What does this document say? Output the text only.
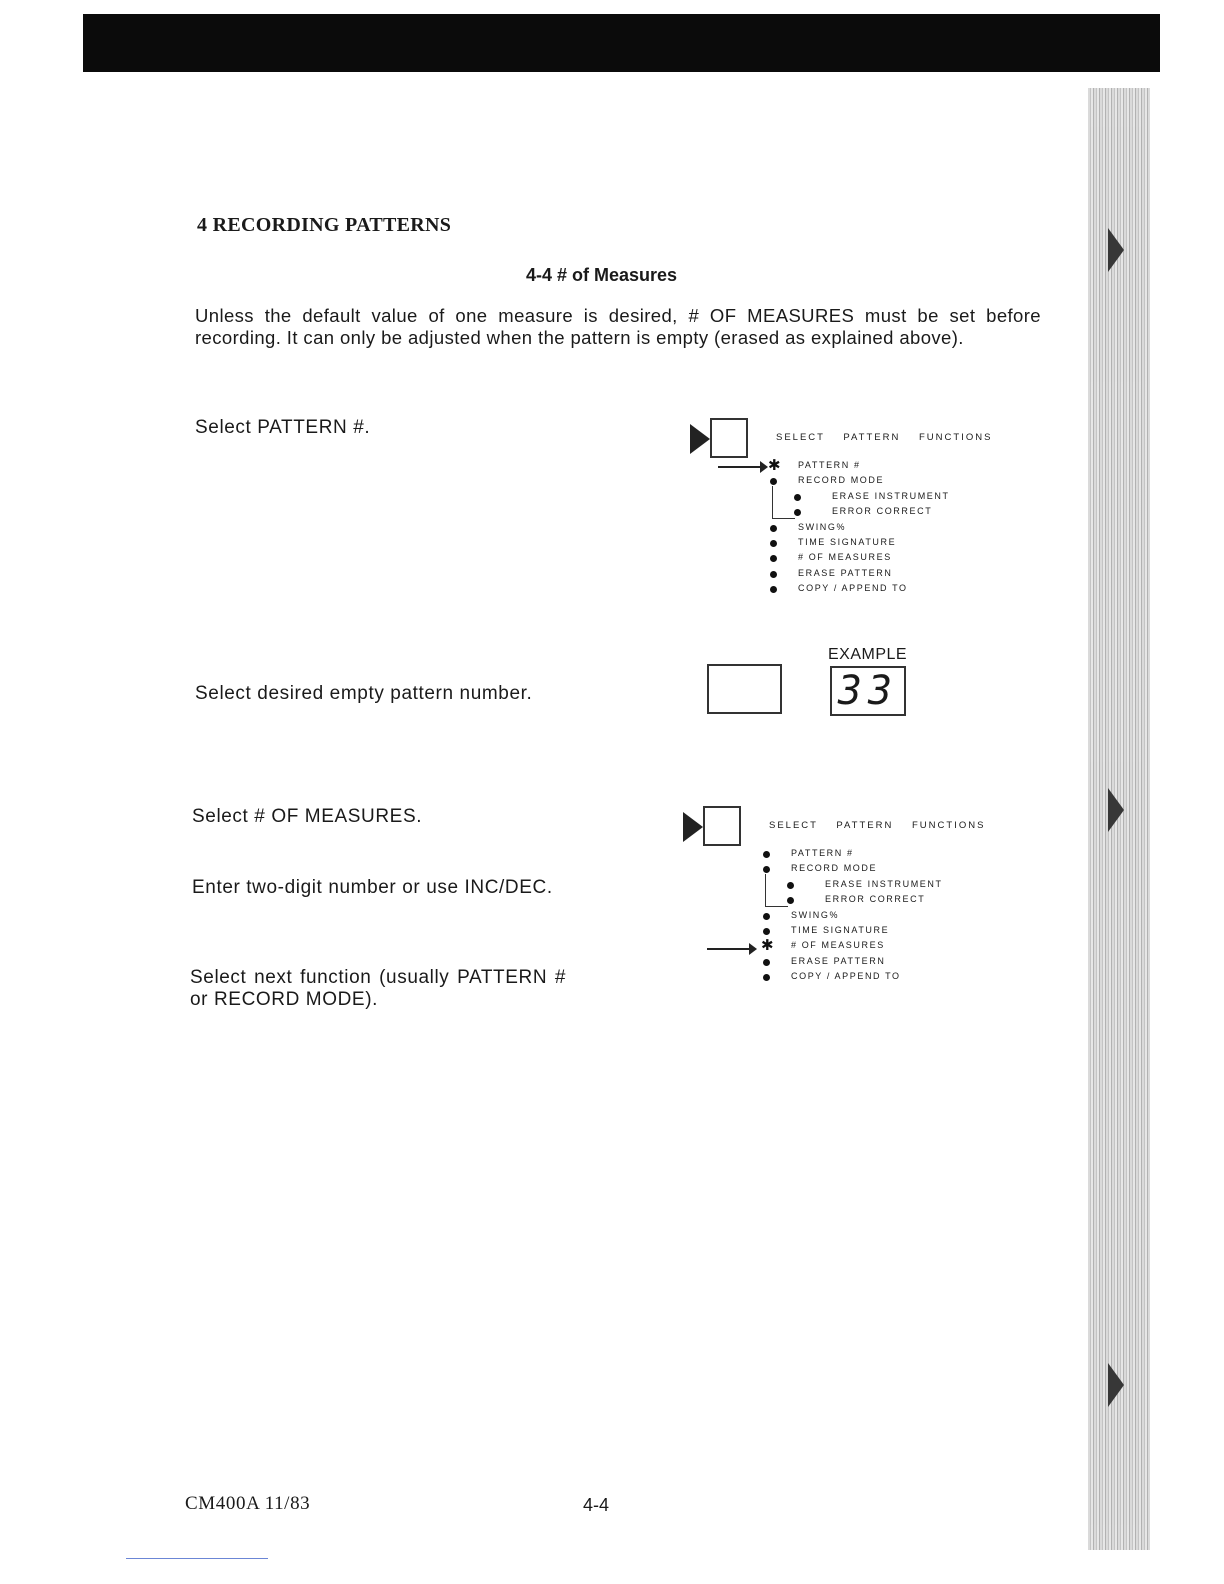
4 RECORDING PATTERNS
4-4 # of Measures
Unless the default value of one measure is desired, # OF MEASURES must be set before recording. It can only be adjusted when the pattern is empty (erased as explained above).
Select PATTERN #.
Select desired empty pattern number.
Select # OF MEASURES.
Enter two-digit number or use INC/DEC.
Select next function (usually PATTERN # or RECORD MODE).
SELECT PATTERN FUNCTIONS
✱ PATTERN #
RECORD MODE
ERASE INSTRUMENT
ERROR CORRECT
SWING%
TIME SIGNATURE
# OF MEASURES
ERASE PATTERN
COPY / APPEND TO
EXAMPLE
33
SELECT PATTERN FUNCTIONS
PATTERN #
RECORD MODE
ERASE INSTRUMENT
ERROR CORRECT
SWING%
TIME SIGNATURE
✱ # OF MEASURES
ERASE PATTERN
COPY / APPEND TO
CM400A 11/83	4-4
